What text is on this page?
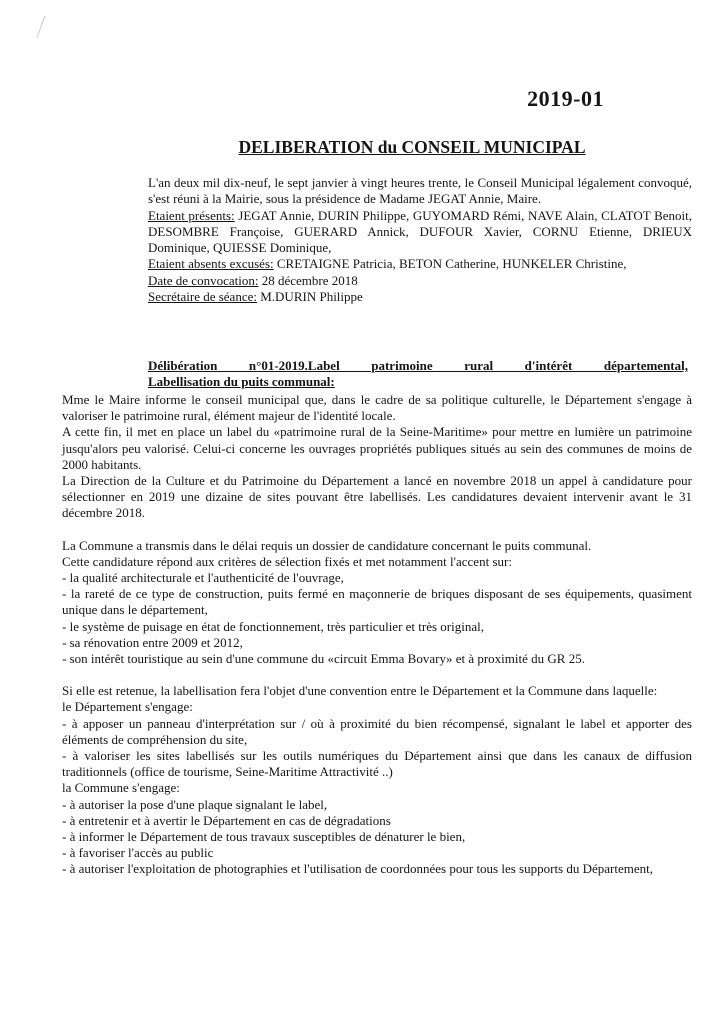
2019-01
DELIBERATION du CONSEIL MUNICIPAL

L'an deux mil dix-neuf, le sept janvier à vingt heures trente, le Conseil Municipal légalement convoqué, s'est réuni à la Mairie, sous la présidence de Madame JEGAT Annie, Maire.

Etaient présents: JEGAT Annie, DURIN Philippe, GUYOMARD Rémi, NAVE Alain, CLATOT Benoit, DESOMBRE Françoise, GUERARD Annick, DUFOUR Xavier, CORNU Etienne, DRIEUX Dominique, QUIESSE Dominique,

Etaient absents excusés: CRETAIGNE Patricia, BETON Catherine, HUNKELER Christine,

Date de convocation: 28 décembre 2018

Secrétaire de séance: M.DURIN Philippe

Délibération n°01-2019.Label patrimoine rural d'intérêt départemental,
Labellisation du puits communal:

Mme le Maire informe le conseil municipal que, dans le cadre de sa politique culturelle, le Département s'engage à valoriser le patrimoine rural, élément majeur de l'identité locale.

A cette fin, il met en place un label du «patrimoine rural de la Seine-Maritime» pour mettre en lumière un patrimoine jusqu'alors peu valorisé. Celui-ci concerne les ouvrages propriétés publiques situés au sein des communes de moins de 2000 habitants.

La Direction de la Culture et du Patrimoine du Département a lancé en novembre 2018 un appel à candidature pour sélectionner en 2019 une dizaine de sites pouvant être labellisés. Les candidatures devaient intervenir avant le 31 décembre 2018.

La Commune a transmis dans le délai requis un dossier de candidature concernant le puits communal.

Cette candidature répond aux critères de sélection fixés et met notamment l'accent sur:

- la qualité architecturale et l'authenticité de l'ouvrage,

- la rareté de ce type de construction, puits fermé en maçonnerie de briques disposant de ses équipements, quasiment unique dans le département,

- le système de puisage en état de fonctionnement, très particulier et très original,

- sa rénovation entre 2009 et 2012,

- son intérêt touristique au sein d'une commune du «circuit Emma Bovary» et à proximité du GR 25.

Si elle est retenue, la labellisation fera l'objet d'une convention entre le Département et la Commune dans laquelle:

le Département s'engage:

- à apposer un panneau d'interprétation sur / où à proximité du bien récompensé, signalant le label et apporter des éléments de compréhension du site,

- à valoriser les sites labellisés sur les outils numériques du Département ainsi que dans les canaux de diffusion traditionnels (office de tourisme, Seine-Maritime Attractivité ..)

la Commune s'engage:

- à autoriser la pose d'une plaque signalant le label,

- à entretenir et à avertir le Département en cas de dégradations

- à informer le Département de tous travaux susceptibles de dénaturer le bien,

- à favoriser l'accès au public

- à autoriser l'exploitation de photographies et l'utilisation de coordonnées pour tous les supports du Département,
